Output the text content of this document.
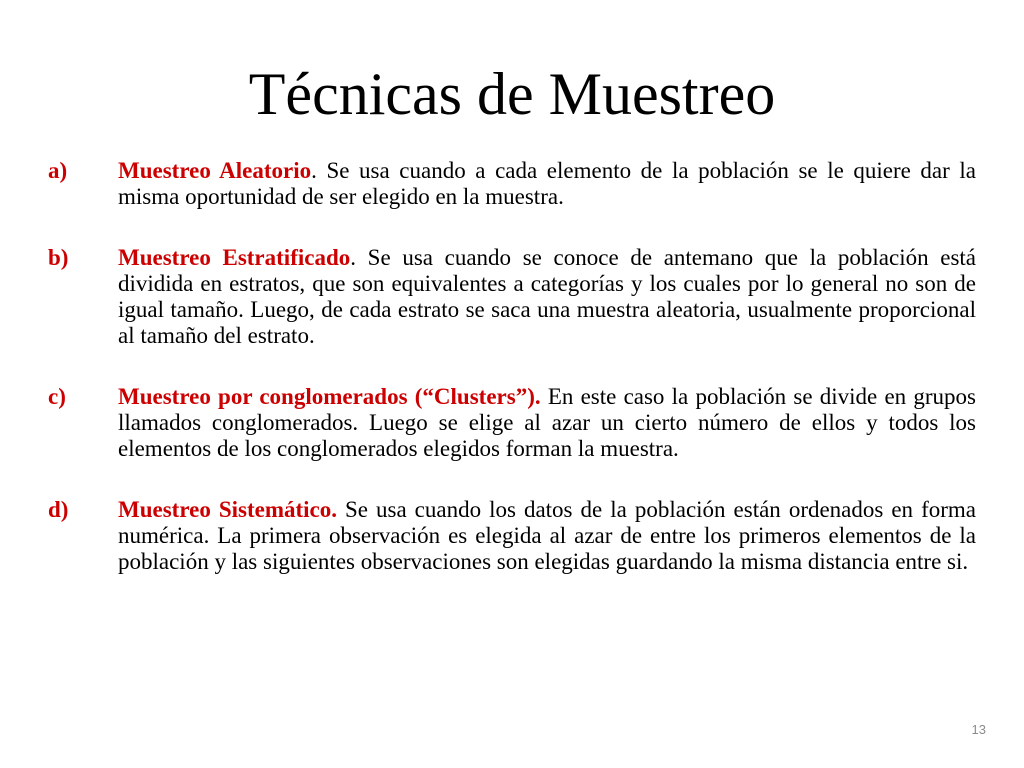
Técnicas de Muestreo
a) Muestreo Aleatorio. Se usa cuando a cada elemento de la población se le quiere dar la misma oportunidad de ser elegido en la muestra.
b) Muestreo Estratificado. Se usa cuando se conoce de antemano que la población está dividida en estratos, que son equivalentes a categorías y los cuales por lo general no son de igual tamaño. Luego, de cada estrato se saca una muestra aleatoria, usualmente proporcional al tamaño del estrato.
c) Muestreo por conglomerados (“Clusters”). En este caso la población se divide en grupos llamados conglomerados. Luego se elige al azar un cierto número de ellos y todos los elementos de los conglomerados elegidos forman la muestra.
d) Muestreo Sistemático. Se usa cuando los datos de la población están ordenados en forma numérica. La primera observación es elegida al azar de entre los primeros elementos de la población y las siguientes observaciones son elegidas guardando la misma distancia entre si.
13
